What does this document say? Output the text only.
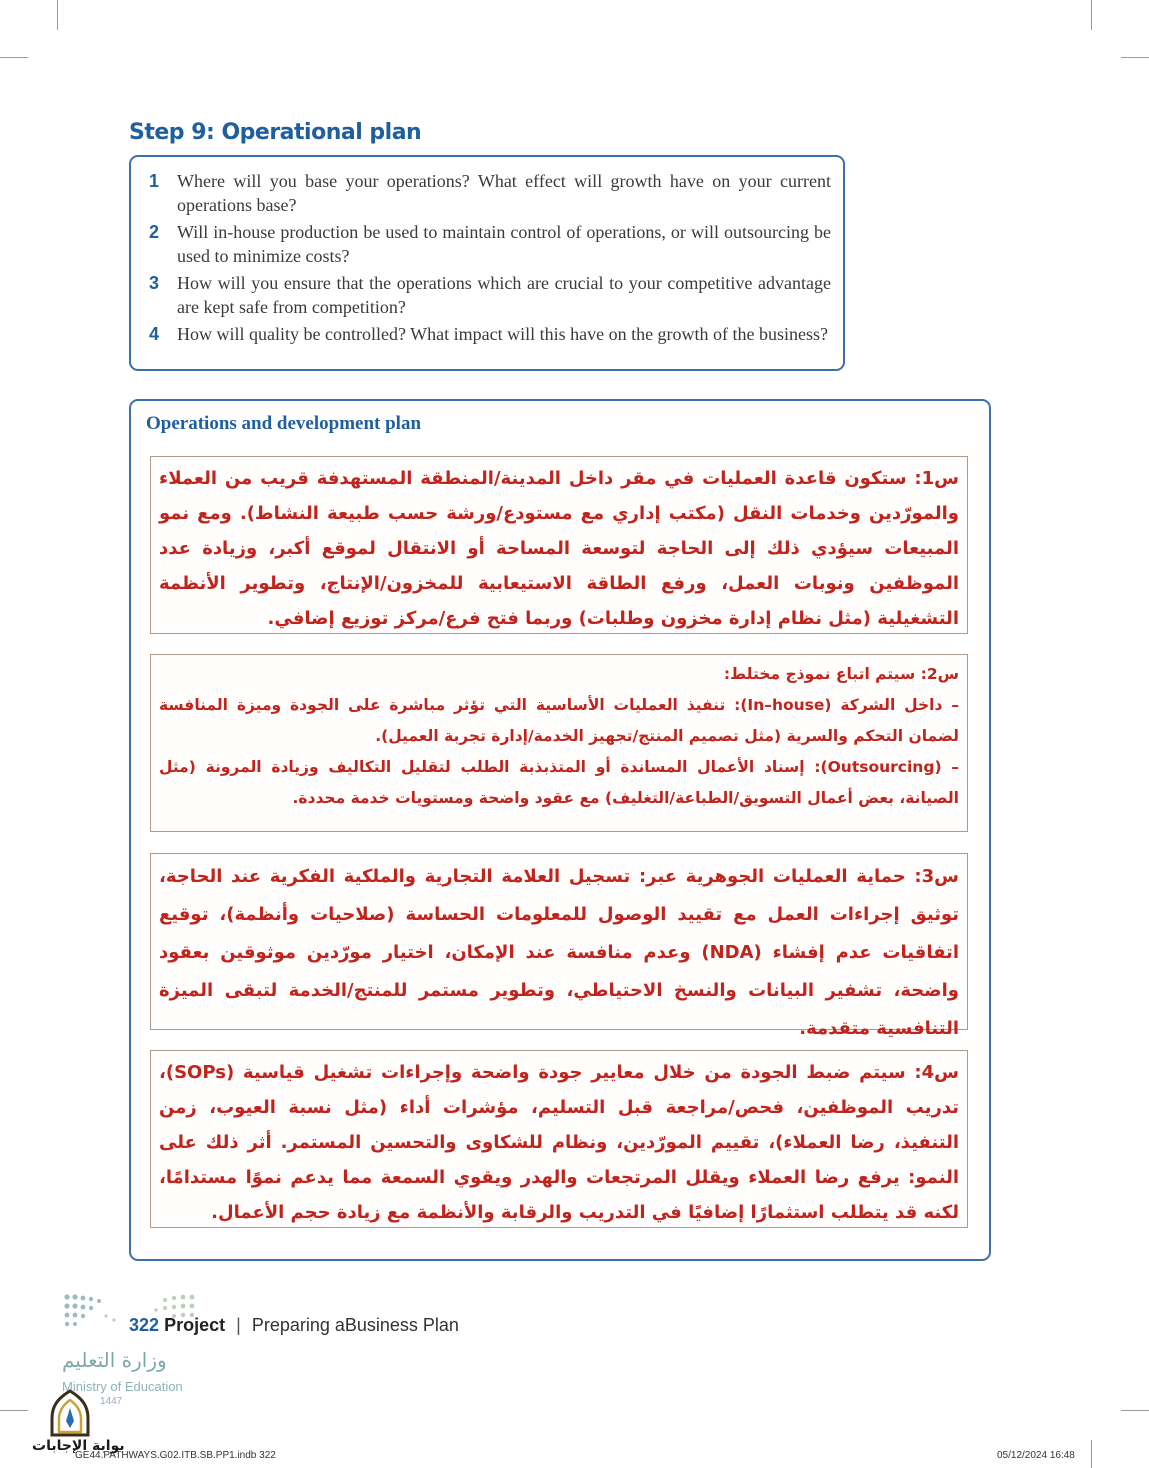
Step 9: Operational plan
1	Where will you base your operations? What effect will growth have on your current operations base?
2	Will in-house production be used to maintain control of operations, or will outsourcing be used to minimize costs?
3	How will you ensure that the operations which are crucial to your competitive advantage are kept safe from competition?
4	How will quality be controlled? What impact will this have on the growth of the business?
Operations and development plan

س1: ستكون قاعدة العمليات في مقر داخل المدينة/المنطقة المستهدفة قريب من العملاء والمورّدين وخدمات النقل (مكتب إداري مع مستودع/ورشة حسب طبيعة النشاط). ومع نمو المبيعات سيؤدي ذلك إلى الحاجة لتوسعة المساحة أو الانتقال لموقع أكبر، وزيادة عدد الموظفين ونوبات العمل، ورفع الطاقة الاستيعابية للمخزون/الإنتاج، وتطوير الأنظمة التشغيلية (مثل نظام إدارة مخزون وطلبات) وربما فتح فرع/مركز توزيع إضافي.

س2: سيتم اتباع نموذج مختلط:

– داخل الشركة (In–house): تنفيذ العمليات الأساسية التي تؤثر مباشرة على الجودة وميزة المنافسة لضمان التحكم والسرية (مثل تصميم المنتج/تجهيز الخدمة/إدارة تجربة العميل).

– (Outsourcing): إسناد الأعمال المساندة أو المتذبذبة الطلب لتقليل التكاليف وزيادة المرونة (مثل الصيانة، بعض أعمال التسويق/الطباعة/التغليف) مع عقود واضحة ومستويات خدمة محددة.

س3: حماية العمليات الجوهرية عبر: تسجيل العلامة التجارية والملكية الفكرية عند الحاجة، توثيق إجراءات العمل مع تقييد الوصول للمعلومات الحساسة (صلاحيات وأنظمة)، توقيع اتفاقيات عدم إفشاء (NDA) وعدم منافسة عند الإمكان، اختيار مورّدين موثوقين بعقود واضحة، تشفير البيانات والنسخ الاحتياطي، وتطوير مستمر للمنتج/الخدمة لتبقى الميزة التنافسية متقدمة.

س4: سيتم ضبط الجودة من خلال معايير جودة واضحة وإجراءات تشغيل قياسية (SOPs)، تدريب الموظفين، فحص/مراجعة قبل التسليم، مؤشرات أداء (مثل نسبة العيوب، زمن التنفيذ، رضا العملاء)، تقييم المورّدين، ونظام للشكاوى والتحسين المستمر. أثر ذلك على النمو: يرفع رضا العملاء ويقلل المرتجعات والهدر ويقوي السمعة مما يدعم نموًا مستدامًا، لكنه قد يتطلب استثمارًا إضافيًا في التدريب والرقابة والأنظمة مع زيادة حجم الأعمال.

322 Project | Preparing aBusiness Plan
وزارة التعليم
Ministry of Education
1447
بوابة الإجابات
GE44.PATHWAYS.G02.ITB.SB.PP1.indb 322	05/12/2024 16:48
